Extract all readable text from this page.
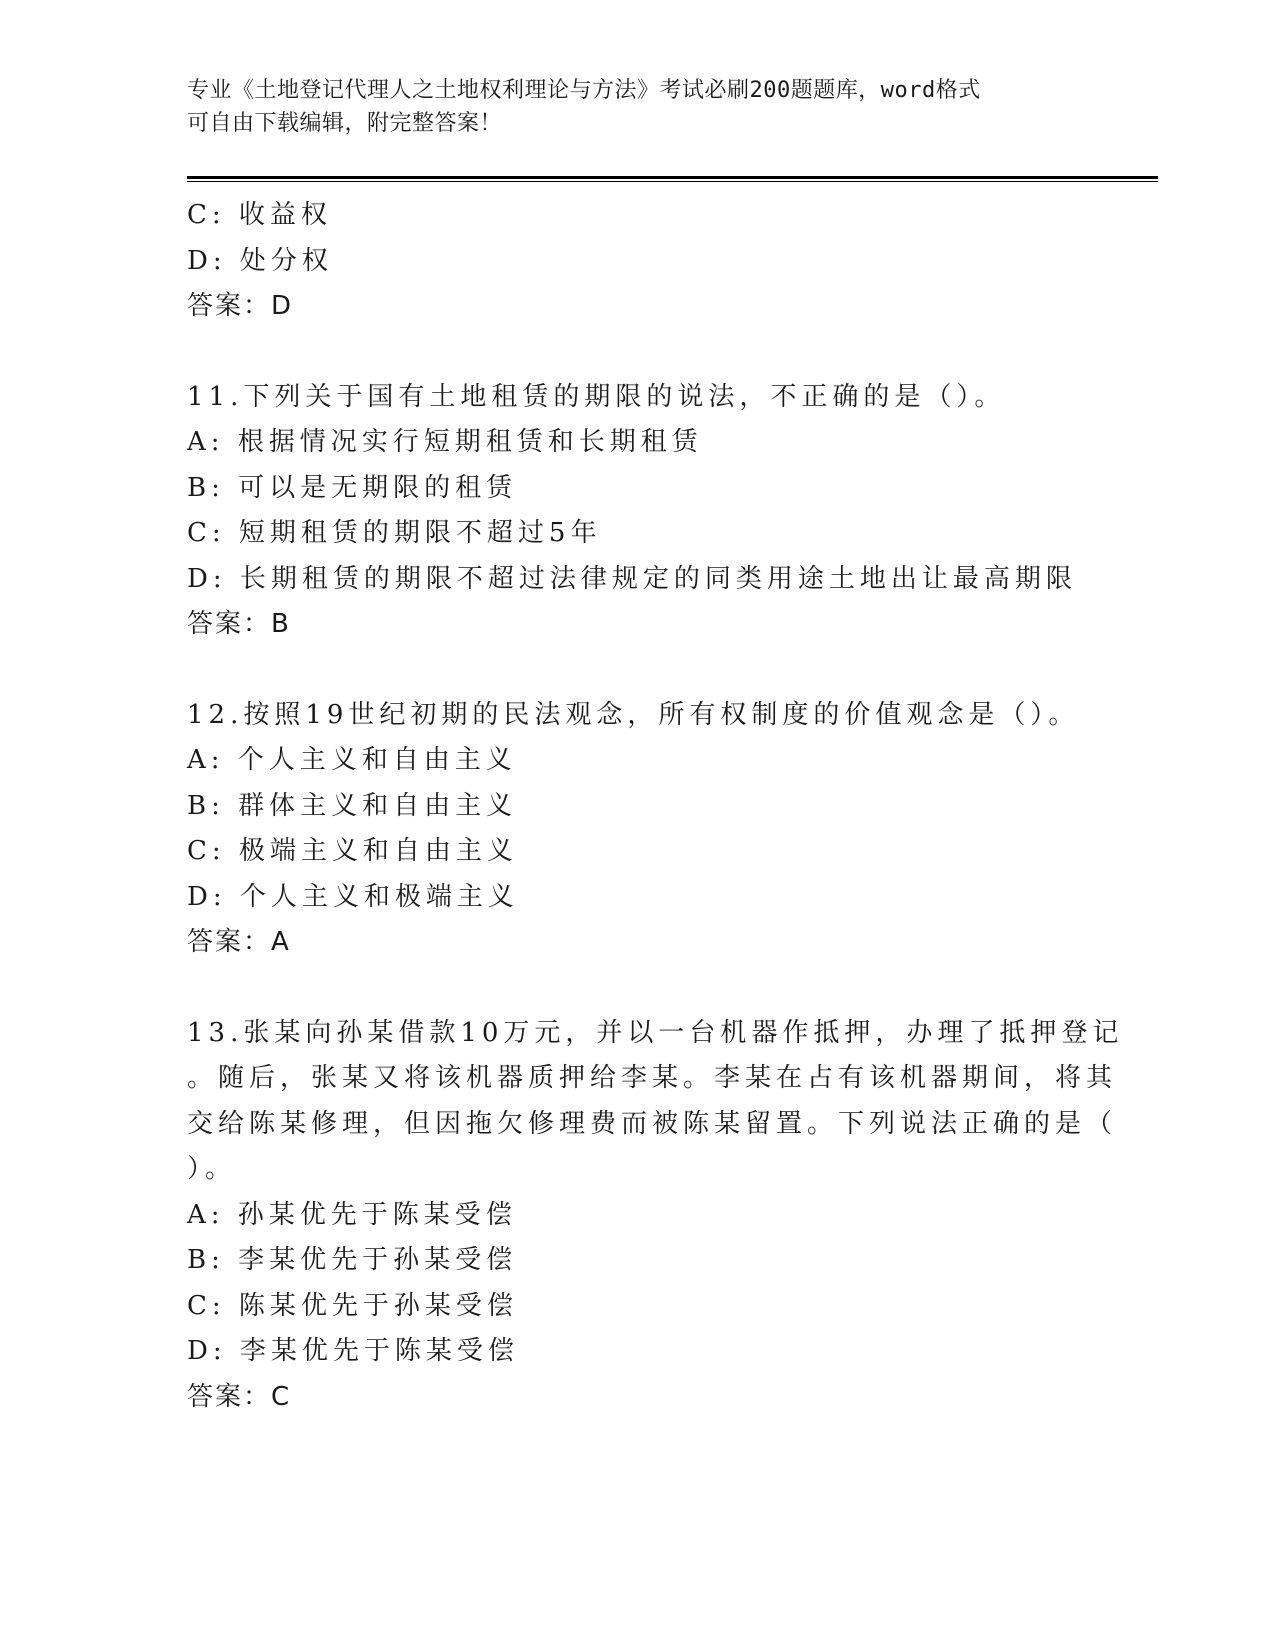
专业《土地登记代理人之土地权利理论与方法》考试必刷200题题库，word格式
可自由下载编辑，附完整答案！
C: 收益权
D: 处分权
答案：D
11.下列关于国有土地租赁的期限的说法，不正确的是（）。
A: 根据情况实行短期租赁和长期租赁
B: 可以是无期限的租赁
C: 短期租赁的期限不超过5年
D: 长期租赁的期限不超过法律规定的同类用途土地出让最高期限
答案：B
12.按照19世纪初期的民法观念，所有权制度的价值观念是（）。
A: 个人主义和自由主义
B: 群体主义和自由主义
C: 极端主义和自由主义
D: 个人主义和极端主义
答案：A
13.张某向孙某借款10万元，并以一台机器作抵押，办理了抵押登记
。随后，张某又将该机器质押给李某。李某在占有该机器期间，将其
交给陈某修理，但因拖欠修理费而被陈某留置。下列说法正确的是（
）。
A: 孙某优先于陈某受偿
B: 李某优先于孙某受偿
C: 陈某优先于孙某受偿
D: 李某优先于陈某受偿
答案：C
